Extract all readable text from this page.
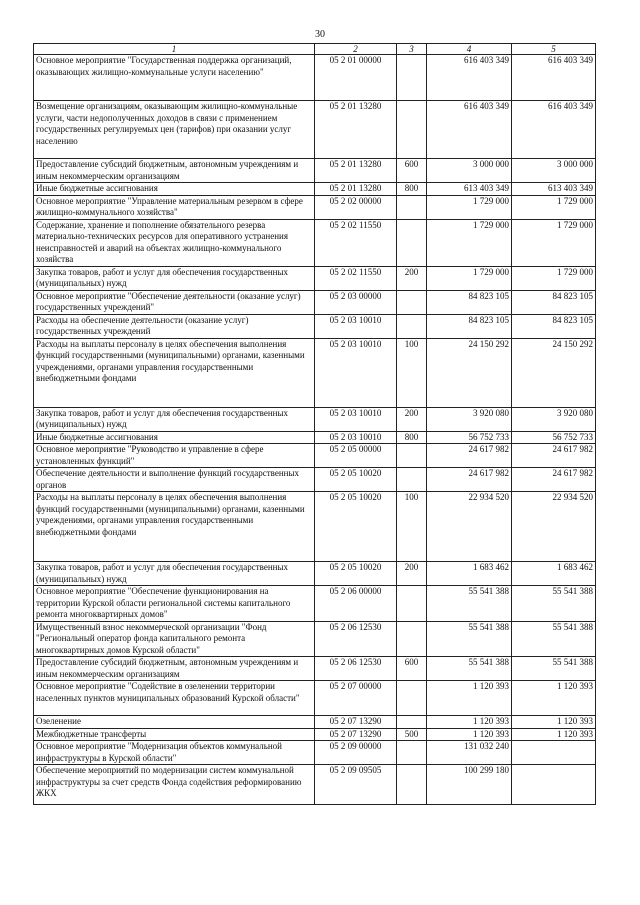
30
1	2	3	4	5
Основное мероприятие "Государственная поддержка организаций, оказывающих жилищно-коммунальные услуги населению"	05 2 01 00000		616 403 349	616 403 349
Возмещение организациям, оказывающим жилищно-коммунальные услуги, части недополученных доходов в связи с применением государственных регулируемых цен (тарифов) при оказании услуг населению	05 2 01 13280		616 403 349	616 403 349
Предоставление субсидий бюджетным, автономным учреждениям и иным некоммерческим организациям	05 2 01 13280	600	3 000 000	3 000 000
Иные бюджетные ассигнования	05 2 01 13280	800	613 403 349	613 403 349
Основное мероприятие "Управление материальным резервом в сфере жилищно-коммунального хозяйства"	05 2 02 00000		1 729 000	1 729 000
Содержание, хранение и пополнение обязательного резерва материально-технических ресурсов для оперативного устранения неисправностей и аварий на объектах жилищно-коммунального хозяйства	05 2 02 11550		1 729 000	1 729 000
Закупка товаров, работ и услуг для обеспечения государственных (муниципальных) нужд	05 2 02 11550	200	1 729 000	1 729 000
Основное мероприятие "Обеспечение деятельности (оказание услуг) государственных учреждений"	05 2 03 00000		84 823 105	84 823 105
Расходы на обеспечение деятельности (оказание услуг) государственных учреждений	05 2 03 10010		84 823 105	84 823 105
Расходы на выплаты персоналу в целях обеспечения выполнения функций государственными (муниципальными) органами, казенными учреждениями, органами управления государственными внебюджетными фондами	05 2 03 10010	100	24 150 292	24 150 292
Закупка товаров, работ и услуг для обеспечения государственных (муниципальных) нужд	05 2 03 10010	200	3 920 080	3 920 080
Иные бюджетные ассигнования	05 2 03 10010	800	56 752 733	56 752 733
Основное мероприятие "Руководство и управление в сфере установленных функций"	05 2 05 00000		24 617 982	24 617 982
Обеспечение деятельности и выполнение функций государственных органов	05 2 05 10020		24 617 982	24 617 982
Расходы на выплаты персоналу в целях обеспечения выполнения функций государственными (муниципальными) органами, казенными учреждениями, органами управления государственными внебюджетными фондами	05 2 05 10020	100	22 934 520	22 934 520
Закупка товаров, работ и услуг для обеспечения государственных (муниципальных) нужд	05 2 05 10020	200	1 683 462	1 683 462
Основное мероприятие "Обеспечение функционирования на территории Курской области региональной системы капитального ремонта многоквартирных домов"	05 2 06 00000		55 541 388	55 541 388
Имущественный взнос некоммерческой организации "Фонд "Региональный оператор фонда капитального ремонта многоквартирных домов Курской области"	05 2 06 12530		55 541 388	55 541 388
Предоставление субсидий бюджетным, автономным учреждениям и иным некоммерческим организациям	05 2 06 12530	600	55 541 388	55 541 388
Основное мероприятие "Содействие в озеленении территории населенных пунктов муниципальных образований Курской области"	05 2 07 00000		1 120 393	1 120 393
Озеленение	05 2 07 13290		1 120 393	1 120 393
Межбюджетные трансферты	05 2 07 13290	500	1 120 393	1 120 393
Основное мероприятие "Модернизация объектов коммунальной инфраструктуры в Курской области"	05 2 09 00000		131 032 240	
Обеспечение мероприятий по модернизации систем коммунальной инфраструктуры за счет средств Фонда содействия реформированию ЖКХ	05 2 09 09505		100 299 180	
